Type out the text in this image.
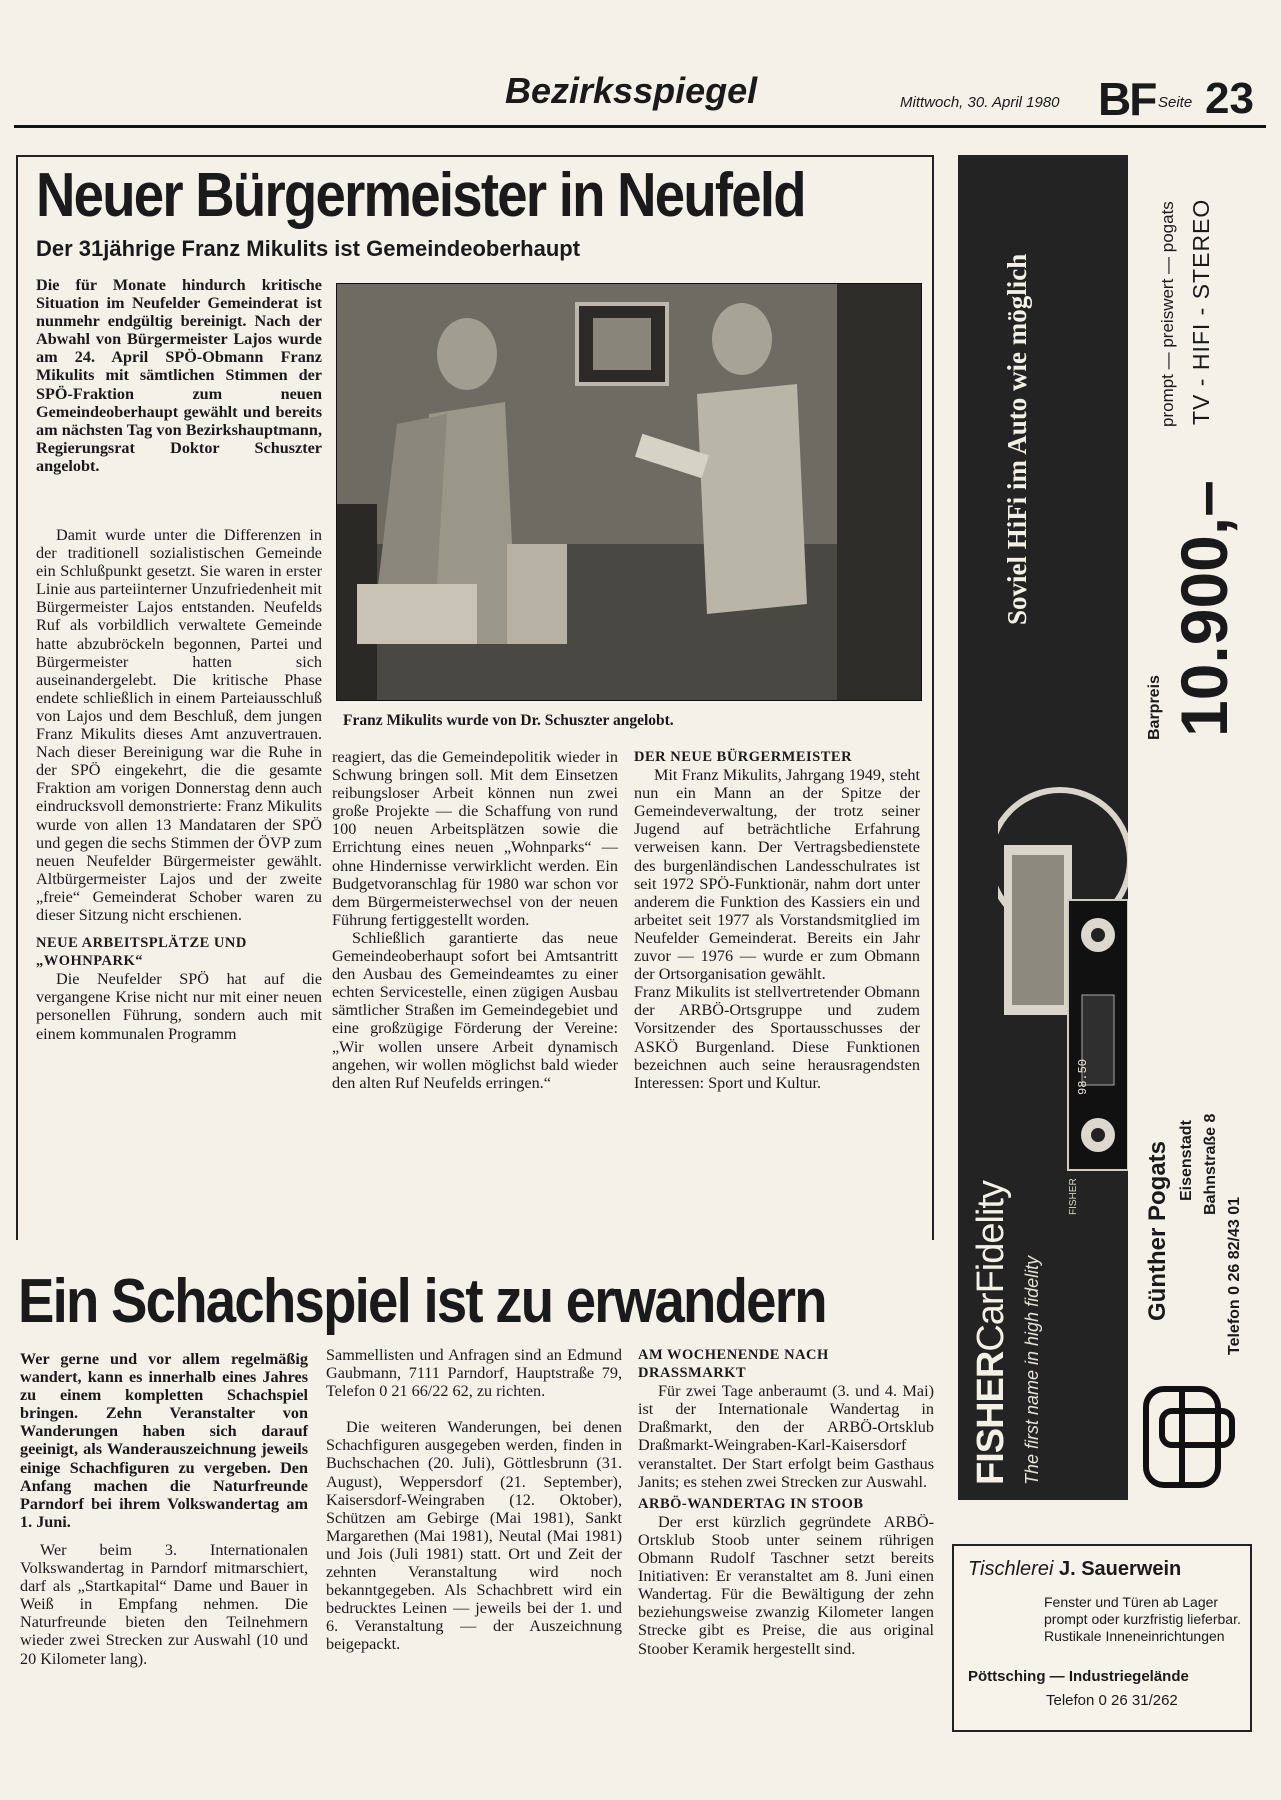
Bezirksspiegel	Mittwoch, 30. April 1980 BF Seite 23
Neuer Bürgermeister in Neufeld
Der 31jährige Franz Mikulits ist Gemeindeoberhaupt

Die für Monate hindurch kritische Situation im Neufelder Gemeinderat ist nunmehr endgültig bereinigt. Nach der Abwahl von Bürgermeister Lajos wurde am 24. April SPÖ-Obmann Franz Mikulits mit sämtlichen Stimmen der SPÖ-Fraktion zum neuen Gemeindeoberhaupt gewählt und bereits am nächsten Tag von Bezirkshauptmann, Regierungsrat Doktor Schuszter angelobt.

Damit wurde unter die Differenzen in der traditionell sozialistischen Gemeinde ein Schlußpunkt gesetzt. Sie waren in erster Linie aus parteiinterner Unzufriedenheit mit Bürgermeister Lajos entstanden. Neufelds Ruf als vorbildlich verwaltete Gemeinde hatte abzubröckeln begonnen, Partei und Bürgermeister hatten sich auseinandergelebt. Die kritische Phase endete schließlich in einem Parteiausschluß von Lajos und dem Beschluß, dem jungen Franz Mikulits dieses Amt anzuvertrauen. Nach dieser Bereinigung war die Ruhe in der SPÖ eingekehrt, die die gesamte Fraktion am vorigen Donnerstag denn auch eindrucksvoll demonstrierte: Franz Mikulits wurde von allen 13 Mandataren der SPÖ und gegen die sechs Stimmen der ÖVP zum neuen Neufelder Bürgermeister gewählt. Altbürgermeister Lajos und der zweite „freie“ Gemeinderat Schober waren zu dieser Sitzung nicht erschienen.

NEUE ARBEITSPLÄTZE UND „WOHNPARK“

Die Neufelder SPÖ hat auf die vergangene Krise nicht nur mit einer neuen personellen Führung, sondern auch mit einem kommunalen Programm

Franz Mikulits wurde von Dr. Schuszter angelobt.

reagiert, das die Gemeindepolitik wieder in Schwung bringen soll. Mit dem Einsetzen reibungsloser Arbeit können nun zwei große Projekte — die Schaffung von rund 100 neuen Arbeitsplätzen sowie die Errichtung eines neuen „Wohnparks“ — ohne Hindernisse verwirklicht werden. Ein Budgetvoranschlag für 1980 war schon vor dem Bürgermeisterwechsel von der neuen Führung fertiggestellt worden.

Schließlich garantierte das neue Gemeindeoberhaupt sofort bei Amtsantritt den Ausbau des Gemeindeamtes zu einer echten Servicestelle, einen zügigen Ausbau sämtlicher Straßen im Gemeindegebiet und eine großzügige Förderung der Vereine: „Wir wollen unsere Arbeit dynamisch angehen, wir wollen möglichst bald wieder den alten Ruf Neufelds erringen.“

DER NEUE BÜRGERMEISTER

Mit Franz Mikulits, Jahrgang 1949, steht nun ein Mann an der Spitze der Gemeindeverwaltung, der trotz seiner Jugend auf beträchtliche Erfahrung verweisen kann. Der Vertragsbedienstete des burgenländischen Landesschulrates ist seit 1972 SPÖ-Funktionär, nahm dort unter anderem die Funktion des Kassiers ein und arbeitet seit 1977 als Vorstandsmitglied im Neufelder Gemeinderat. Bereits ein Jahr zuvor — 1976 — wurde er zum Obmann der Ortsorganisation gewählt.

Franz Mikulits ist stellvertretender Obmann der ARBÖ-Ortsgruppe und zudem Vorsitzender des Sportausschusses der ASKÖ Burgenland. Diese Funktionen bezeichnen auch seine herausragendsten Interessen: Sport und Kultur.

Ein Schachspiel ist zu erwandern

Wer gerne und vor allem regelmäßig wandert, kann es innerhalb eines Jahres zu einem kompletten Schachspiel bringen. Zehn Veranstalter von Wanderungen haben sich darauf geeinigt, als Wanderauszeichnung jeweils einige Schachfiguren zu vergeben. Den Anfang machen die Naturfreunde Parndorf bei ihrem Volkswandertag am 1. Juni.

Wer beim 3. Internationalen Volkswandertag in Parndorf mitmarschiert, darf als „Startkapital“ Dame und Bauer in Weiß in Empfang nehmen. Die Naturfreunde bieten den Teilnehmern wieder zwei Strecken zur Auswahl (10 und 20 Kilometer lang).

Sammellisten und Anfragen sind an Edmund Gaubmann, 7111 Parndorf, Hauptstraße 79, Telefon 0 21 66/22 62, zu richten.

Die weiteren Wanderungen, bei denen Schachfiguren ausgegeben werden, finden in Buchschachen (20. Juli), Göttlesbrunn (31. August), Weppersdorf (21. September), Kaisersdorf-Weingraben (12. Oktober), Schützen am Gebirge (Mai 1981), Sankt Margarethen (Mai 1981), Neutal (Mai 1981) und Jois (Juli 1981) statt. Ort und Zeit der zehnten Veranstaltung wird noch bekanntgegeben. Als Schachbrett wird ein bedrucktes Leinen — jeweils bei der 1. und 6. Veranstaltung — der Auszeichnung beigepackt.

AM WOCHENENDE NACH DRASSMARKT

Für zwei Tage anberaumt (3. und 4. Mai) ist der Internationale Wandertag in Draßmarkt, den der ARBÖ-Ortsklub Draßmarkt-Weingraben-Karl-Kaisersdorf veranstaltet. Der Start erfolgt beim Gasthaus Janits; es stehen zwei Strecken zur Auswahl.

ARBÖ-WANDERTAG IN STOOB

Der erst kürzlich gegründete ARBÖ-Ortsklub Stoob unter seinem rührigen Obmann Rudolf Taschner setzt bereits Initiativen: Er veranstaltet am 8. Juni einen Wandertag. Für die Bewältigung der zehn beziehungsweise zwanzig Kilometer langen Strecke gibt es Preise, die aus original Stoober Keramik hergestellt sind.

Soviel HiFi im Auto wie möglich
98.50
FISHER
FISHERCarFidelity The first name in high fidelity
prompt — preiswert — pogats TV - HIFI - STEREO
Barpreis 10.900,–
Günther Pogats Eisenstadt Bahnstraße 8
Telefon 0 26 82/43 01
Tischlerei J. Sauerwein
Fenster und Türen ab Lager prompt oder kurzfristig lieferbar. Rustikale Inneneinrichtungen
Pöttsching — Industriegelände
Telefon 0 26 31/262
